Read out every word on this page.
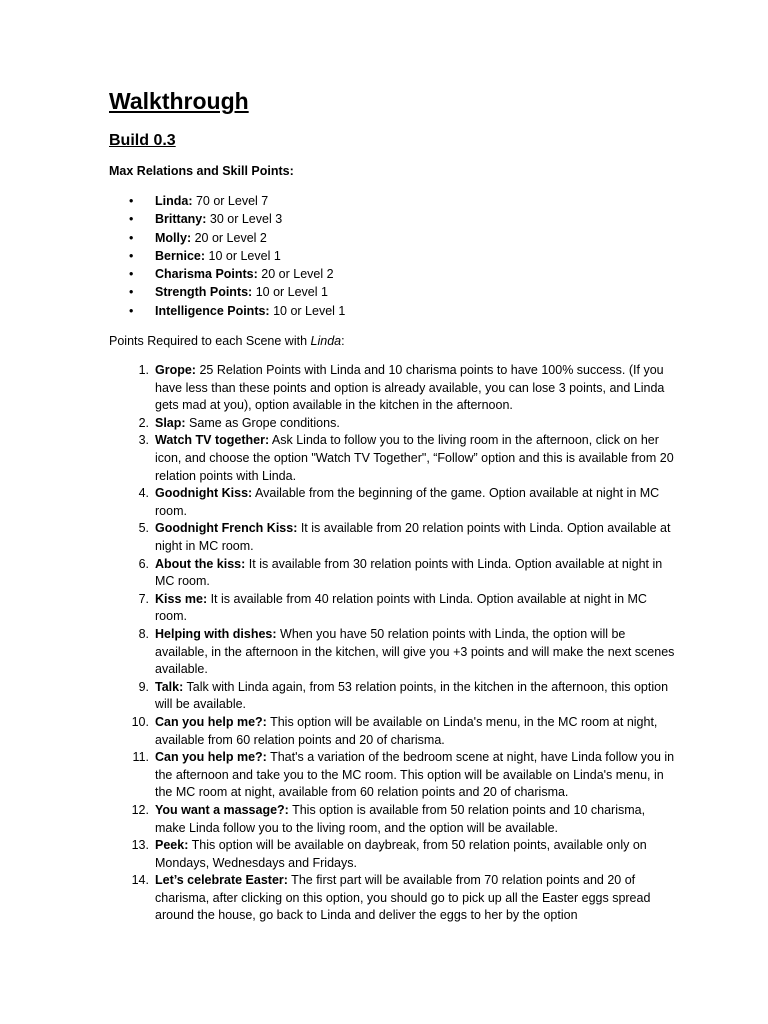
Walkthrough
Build 0.3
Max Relations and Skill Points:
• Linda: 70 or Level 7
• Brittany: 30 or Level 3
• Molly: 20 or Level 2
• Bernice: 10 or Level 1
• Charisma Points: 20 or Level 2
• Strength Points: 10 or Level 1
• Intelligence Points: 10 or Level 1
Points Required to each Scene with Linda:
1. Grope: 25 Relation Points with Linda and 10 charisma points to have 100% success. (If you have less than these points and option is already available, you can lose 3 points, and Linda gets mad at you), option available in the kitchen in the afternoon.
2. Slap: Same as Grope conditions.
3. Watch TV together: Ask Linda to follow you to the living room in the afternoon, click on her icon, and choose the option "Watch TV Together", “Follow” option and this is available from 20 relation points with Linda.
4. Goodnight Kiss: Available from the beginning of the game. Option available at night in MC room.
5. Goodnight French Kiss: It is available from 20 relation points with Linda. Option available at night in MC room.
6. About the kiss: It is available from 30 relation points with Linda. Option available at night in MC room.
7. Kiss me: It is available from 40 relation points with Linda. Option available at night in MC room.
8. Helping with dishes: When you have 50 relation points with Linda, the option will be available, in the afternoon in the kitchen, will give you +3 points and will make the next scenes available.
9. Talk: Talk with Linda again, from 53 relation points, in the kitchen in the afternoon, this option will be available.
10. Can you help me?: This option will be available on Linda's menu, in the MC room at night, available from 60 relation points and 20 of charisma.
11. Can you help me?: That's a variation of the bedroom scene at night, have Linda follow you in the afternoon and take you to the MC room. This option will be available on Linda's menu, in the MC room at night, available from 60 relation points and 20 of charisma.
12. You want a massage?: This option is available from 50 relation points and 10 charisma, make Linda follow you to the living room, and the option will be available.
13. Peek: This option will be available on daybreak, from 50 relation points, available only on Mondays, Wednesdays and Fridays.
14. Let’s celebrate Easter: The first part will be available from 70 relation points and 20 of charisma, after clicking on this option, you should go to pick up all the Easter eggs spread around the house, go back to Linda and deliver the eggs to her by the option
